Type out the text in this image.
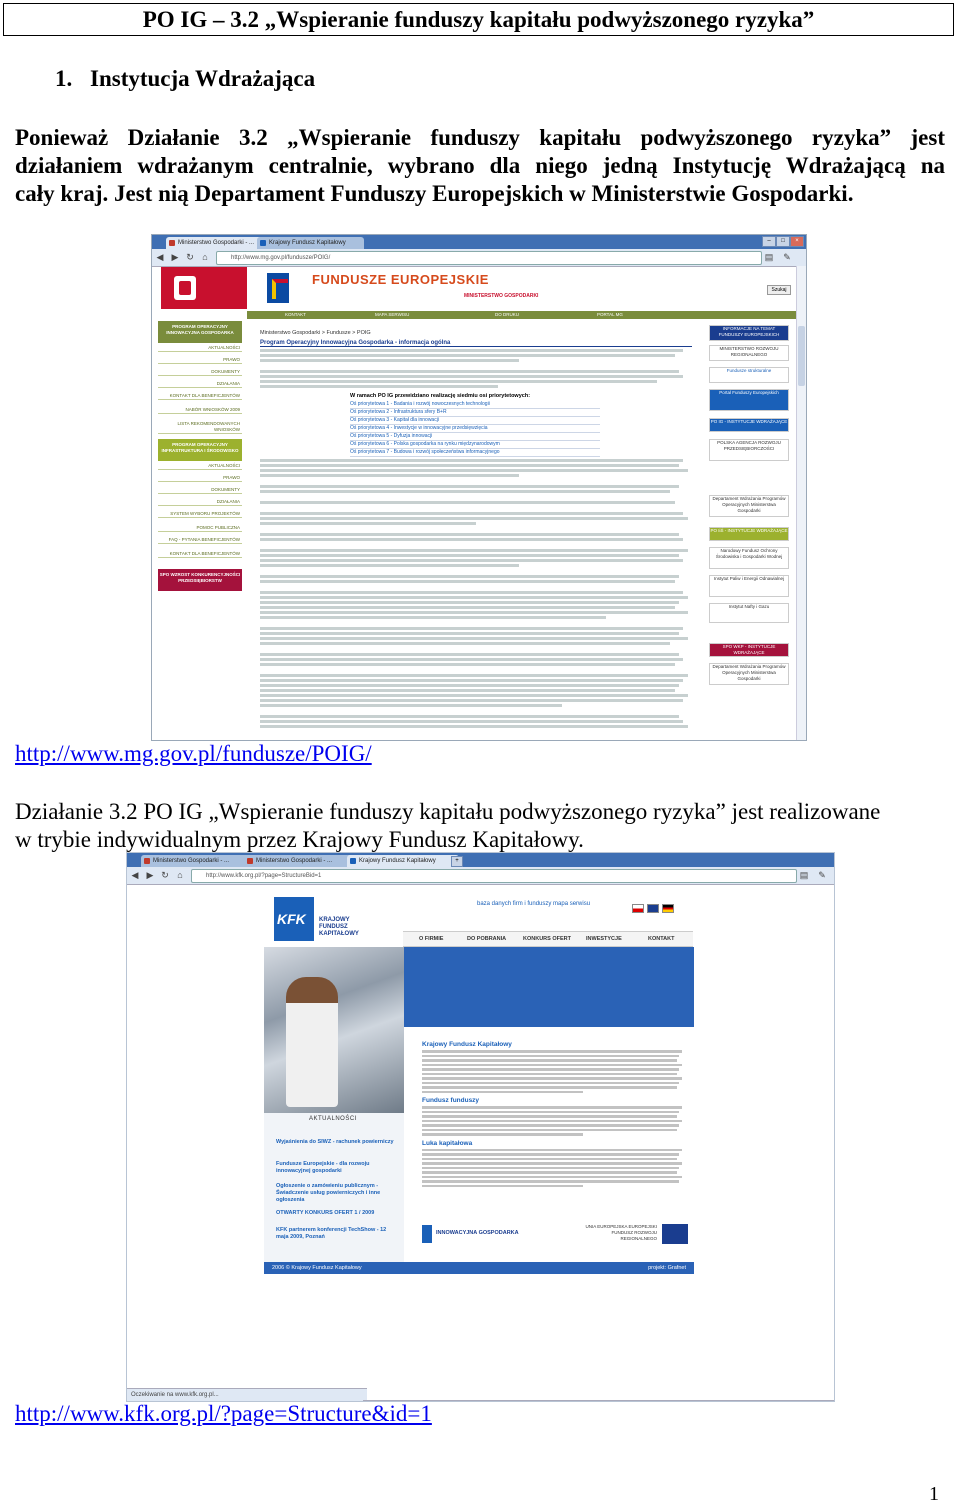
PO IG – 3.2 „Wspieranie funduszy kapitału podwyższonego ryzyka”
1. Instytucja Wdrażająca
Ponieważ Działanie 3.2 „Wspieranie funduszy kapitału podwyższonego ryzyka” jest
działaniem wdrażanym centralnie, wybrano dla niego jedną Instytucję Wdrażającą na
cały kraj. Jest nią Departament Funduszy Europejskich w Ministerstwie Gospodarki.
Ministerstwo Gospodarki - ...	Krajowy Fundusz Kapitałowy	–	□	×
◀ ▶ ↻ ⌂	http://www.mg.gov.pl/fundusze/POIG/	▤ ✎
FUNDUSZE EUROPEJSKIE
MINISTERSTWO GOSPODARKI
Szukaj
KONTAKT	MAPA SERWISU	DO DRUKU	PORTAL MG
PROGRAM OPERACYJNY INNOWACYJNA GOSPODARKA
AKTUALNOŚCI
PRAWO
DOKUMENTY
DZIAŁANIA
KONTAKT DLA BENEFICJENTÓW
NABÓR WNIOSKÓW 2009
LISTA REKOMENDOWANYCH WNIOSKÓW
PROGRAM OPERACYJNY INFRASTRUKTURA I ŚRODOWISKO
AKTUALNOŚCI
PRAWO
DOKUMENTY
DZIAŁANIA
SYSTEM WYBORU PROJEKTÓW
POMOC PUBLICZNA
FAQ - PYTANIA BENEFICJENTÓW
KONTAKT DLA BENEFICJENTÓW
SPO WZROST KONKURENCYJNOŚCI PRZEDSIĘBIORSTW
Ministerstwo Gospodarki > Fundusze > POIG
Program Operacyjny Innowacyjna Gospodarka - informacja ogólna
W ramach PO IG przewidziano realizację siedmiu osi priorytetowych:
Oś priorytetowa 1 - Badania i rozwój nowoczesnych technologii
Oś priorytetowa 2 - Infrastruktura sfery B+R
Oś priorytetowa 3 - Kapitał dla innowacji
Oś priorytetowa 4 - Inwestycje w innowacyjne przedsięwzięcia
Oś priorytetowa 5 - Dyfuzja innowacji
Oś priorytetowa 6 - Polska gospodarka na rynku międzynarodowym
Oś priorytetowa 7 - Budowa i rozwój społeczeństwa informacyjnego
INFORMACJE NA TEMAT FUNDUSZY EUROPEJSKICH
MINISTERSTWO ROZWOJU REGIONALNEGO
Fundusze strukturalne
Portal Funduszy Europejskich
PO IG - INSTYTUCJE WDRAŻAJĄCE
POLSKA AGENCJA ROZWOJU PRZEDSIĘBIORCZOŚCI
Departament Wdrażania Programów Operacyjnych Ministerstwa Gospodarki
PO IiŚ - INSTYTUCJE WDRAŻAJĄCE
Narodowy Fundusz Ochrony Środowiska i Gospodarki Wodnej
Instytut Paliw i Energii Odnawialnej
Instytut Nafty i Gazu
SPO WKP - INSTYTUCJE WDRAŻAJĄCE
Departament Wdrażania Programów Operacyjnych Ministerstwa Gospodarki
http://www.mg.gov.pl/fundusze/POIG/
Działanie 3.2 PO IG „Wspieranie funduszy kapitału podwyższonego ryzyka” jest realizowane
w trybie indywidualnym przez Krajowy Fundusz Kapitałowy.
Ministerstwo Gospodarki - ...	Ministerstwo Gospodarki - ...	Krajowy Fundusz Kapitałowy	+
◀ ▶ ↻ ⌂	http://www.kfk.org.pl/?page=StructureBid=1	▤ ✎
KFK
KRAJOWY FUNDUSZ KAPITAŁOWY
baza danych firm i funduszy mapa serwisu
O FIRMIE	DO POBRANIA	KONKURS OFERT	INWESTYCJE	KONTAKT
AKTUALNOŚCI
Wyjaśnienia do SIWZ - rachunek powierniczy
Fundusze Europejskie - dla rozwoju innowacyjnej gospodarki
Ogłoszenie o zamówieniu publicznym - Świadczenie usług powierniczych i inne ogłoszenia
OTWARTY KONKURS OFERT 1 / 2009
KFK partnerem konferencji TechShow - 12 maja 2009, Poznań
Krajowy Fundusz Kapitałowy
Fundusz funduszy
Luka kapitałowa
INNOWACYJNA GOSPODARKA
UNIA EUROPEJSKA EUROPEJSKI FUNDUSZ ROZWOJU REGIONALNEGO
2006 © Krajowy Fundusz Kapitałowy	projekt: Grafnet
Oczekiwanie na www.kfk.org.pl...
http://www.kfk.org.pl/?page=Structure&id=1
1
